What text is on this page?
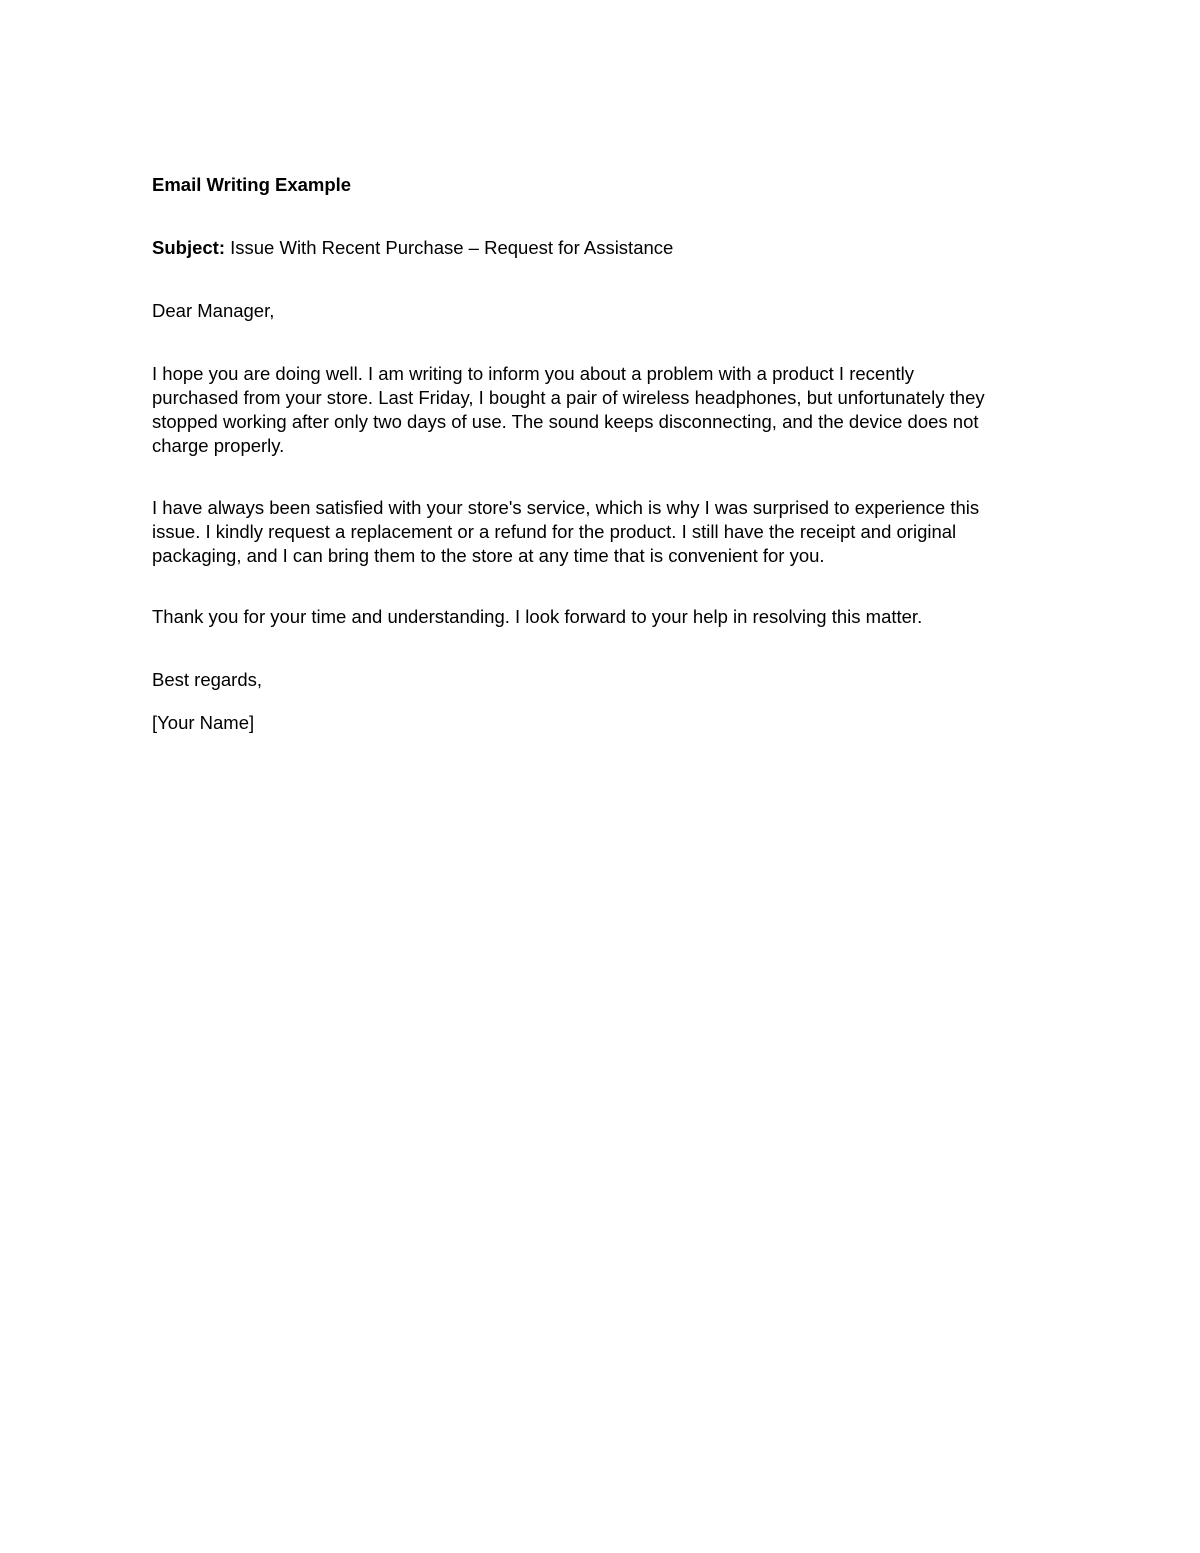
Email Writing Example
Subject: Issue With Recent Purchase – Request for Assistance
Dear Manager,
I hope you are doing well. I am writing to inform you about a problem with a product I recently
purchased from your store. Last Friday, I bought a pair of wireless headphones, but unfortunately they
stopped working after only two days of use. The sound keeps disconnecting, and the device does not
charge properly.
I have always been satisfied with your store's service, which is why I was surprised to experience this
issue. I kindly request a replacement or a refund for the product. I still have the receipt and original
packaging, and I can bring them to the store at any time that is convenient for you.
Thank you for your time and understanding. I look forward to your help in resolving this matter.
Best regards,
[Your Name]
